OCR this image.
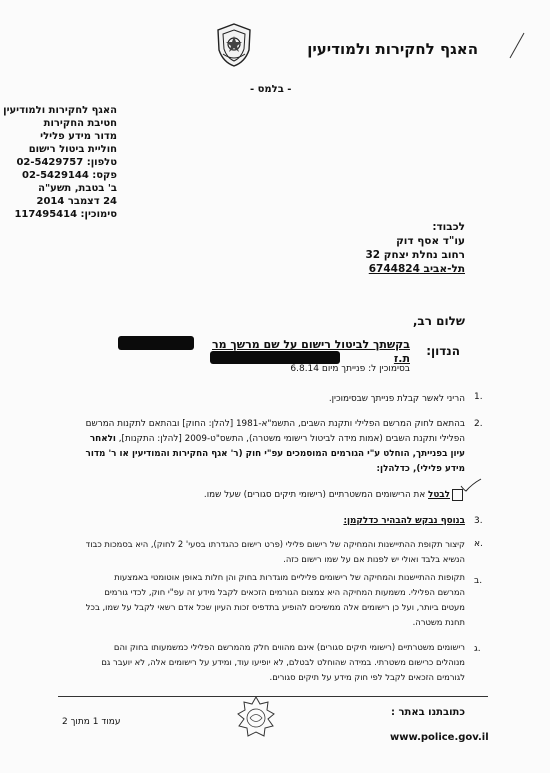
האגף לחקירות ולמודיעין
- בלמס -
האגף לחקירות ולמודיעין
חטיבת החקירות
מדור מידע פלילי
חוליית ביטול רישום
טלפון: 02-5429757
פקס: 02-5429144
ב' בטבת, תשע"ה
24 דצמבר 2014
סימוכין: 117495414
לכבוד:
עו"ד אסף דוק
רחוב נחלת יצחק 32
תל-אביב 6744824
שלום רב,
הנדון:
בקשתך לביטול רישום על שם מרשך מר
ת.ז
בסימוכין ל: פנייתך מיום 6.8.14
1.
הריני לאשר קבלת פנייתך שבסימוכין.
2.
בהתאם לחוק המרשם הפלילי ותקנת השבים, התשמ"א-1981 [להלן: החוק] ובהתאם לתקנות המרשם הפלילי ותקנת השבים (אמות מידה לביטול רישומי משטרה), התשס"ט-2009 [להלן: התקנות], ולאחר עיון בפנייתך, הוחלט ע"י הגורמים המוסמכים עפ"י חוק (ר' אגף החקירות והמודיעין או ר' מדור מידע פלילי), כדלהלן:
לבטל את הרישומים המשטרתיים (רישומי תיקים סגורים) שעל שמו.
3.
בנוסף נבקש להבהיר כדלקמן:
א.
קיצור תקופת ההתיישנות והמחיקה של רישום פלילי (פרט רישום כהגדרתו בסעי' 2 לחוק), היא בסמכות כבוד הנשיא בלבד ואולי יש לפנות אם על שמו רישום כזה.
ב.
תקופות ההתיישנות והמחיקה של רישומים פליליים מוגדרות בחוק והן חלות באופן אוטומטי באמצעות המרשם הפלילי. משמעות המחיקה היא צמצום הגורמים הזכאים לקבל מידע זה עפ"י חוק, לכדי גורמים מעטים ביותר, ועל כן רישומים אלה ממשיכים להופיע בתדפיס זכות העיון שכל אדם רשאי לקבל על שמו, בכל תחנת משטרה.
ג.
רישומים משטרתיים (רישומי תיקים סגורים) אינם מהווים חלק מהמרשם הפלילי כמשמעותו בחוק והם מנוהלים כרישום משטרתי. במידה שהוחלט לבטלם, לא יופיעו עוד, ומידע על רישומים אלה, לא יועבר גם לגורמים הזכאים לקבל לפי חוק מידע על תיקים סגורים.
עמוד 1 מתוך 2
כתובתנו באתר :
www.police.gov.il
